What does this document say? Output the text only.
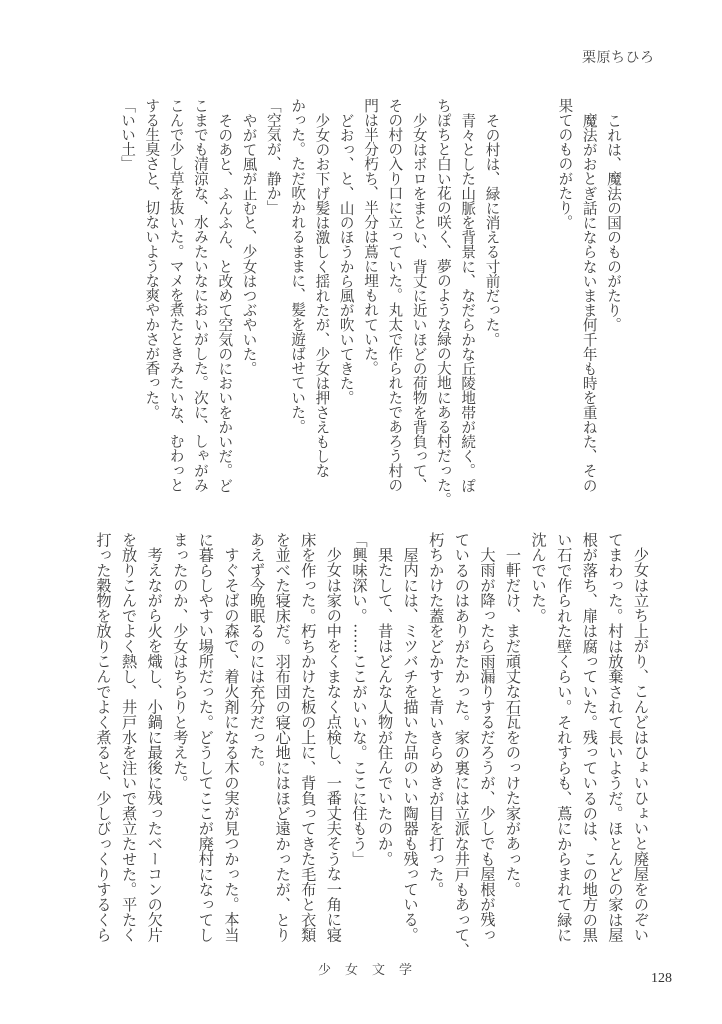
栗原ちひろ
これは、魔法の国のものがたり。
魔法がおとぎ話にならないまま何千年も時を重ねた、その
果てのものがたり。
その村は、緑に消える寸前だった。
青々とした山脈を背景に、なだらかな丘陵地帯が続く。ぽ
ちぽちと白い花の咲く、夢のような緑の大地にある村だった。
少女はボロをまとい、背丈に近いほどの荷物を背負って、
その村の入り口に立っていた。丸太で作られたであろう村の
門は半分朽ち、半分は蔦に埋もれていた。
どおっ、と、山のほうから風が吹いてきた。
少女のお下げ髪は激しく揺れたが、少女は押さえもしな
かった。ただ吹かれるままに、髪を遊ばせていた。
「空気が、静か」
やがて風が止むと、少女はつぶやいた。
そのあと、ふんふん、と改めて空気のにおいをかいだ。ど
こまでも清涼な、水みたいなにおいがした。次に、しゃがみ
こんで少し草を抜いた。マメを煮たときみたいな、むわっと
する生臭さと、切ないような爽やかさが香った。
「いい土」
少女は立ち上がり、こんどはひょいひょいと廃屋をのぞい
てまわった。村は放棄されて長いようだ。ほとんどの家は屋
根が落ち、扉は腐っていた。残っているのは、この地方の黒
い石で作られた壁くらい。それすらも、蔦にからまれて緑に
沈んでいた。
一軒だけ、まだ頑丈な石瓦をのっけた家があった。
大雨が降ったら雨漏りするだろうが、少しでも屋根が残っ
ているのはありがたかった。家の裏には立派な井戸もあって、
朽ちかけた蓋をどかすと青いきらめきが目を打った。
屋内には、ミツバチを描いた品のいい陶器も残っている。
果たして、昔はどんな人物が住んでいたのか。
「興味深い。……ここがいいな。ここに住もう」
少女は家の中をくまなく点検し、一番丈夫そうな一角に寝
床を作った。朽ちかけた板の上に、背負ってきた毛布と衣類
を並べた寝床だ。羽布団の寝心地にはほど遠かったが、とり
あえず今晩眠るのには充分だった。
すぐそばの森で、着火剤になる木の実が見つかった。本当
に暮らしやすい場所だった。どうしてここが廃村になってし
まったのか、少女はちらりと考えた。
考えながら火を熾し、小鍋に最後に残ったベーコンの欠片
を放りこんでよく熱し、井戸水を注いで煮立たせた。平たく
打った穀物を放りこんでよく煮ると、少しびっくりするくら
少女文学
128
